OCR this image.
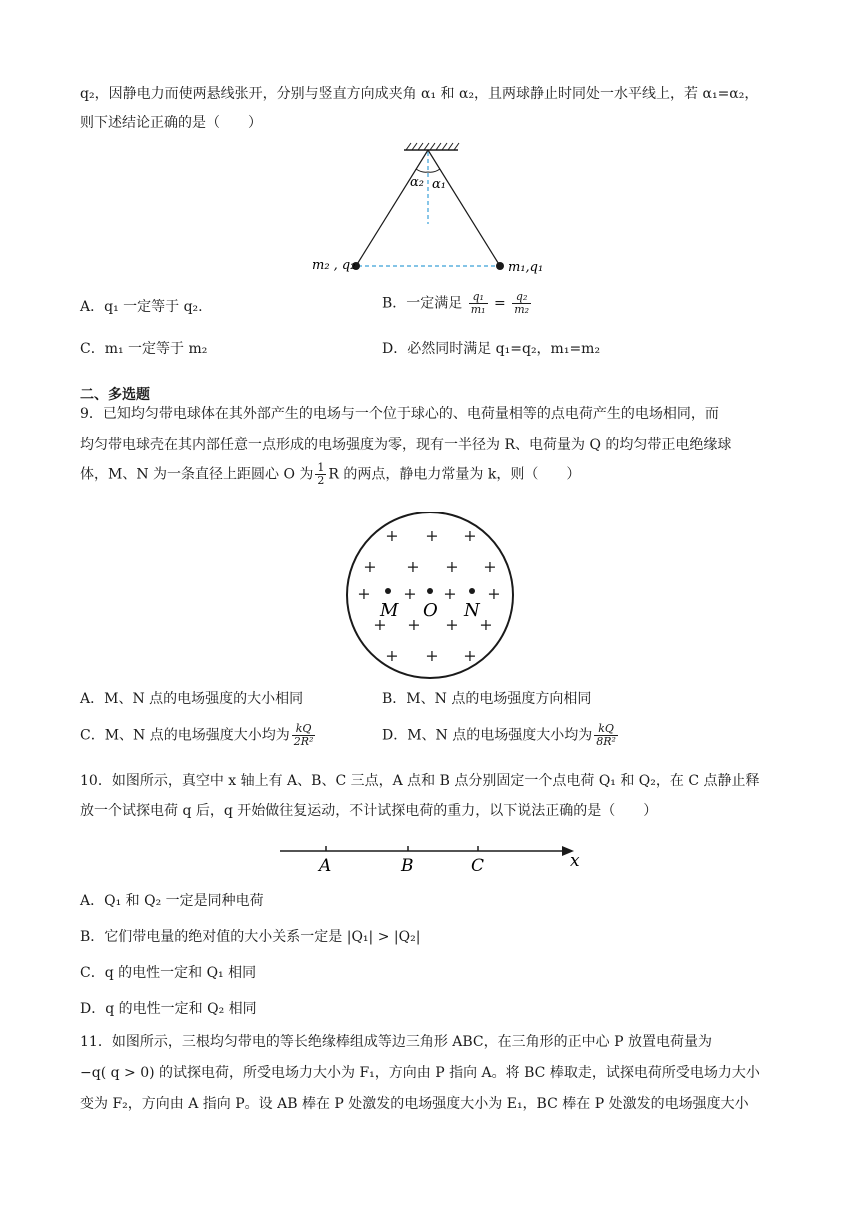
q₂，因静电力而使两悬线张开，分别与竖直方向成夹角 α₁ 和 α₂，且两球静止时同处一水平线上，若 α₁=α₂，
则下述结论正确的是（　　）
α₂ α₁
m₂ , q₂	m₁,q₁
A．q₁ 一定等于 q₂.	B．一定满足 $\frac{\text{q₁}}{\text{m₁}} = \frac{\text{q₂}}{\text{m₂}}$
C．m₁ 一定等于 m₂	D．必然同时满足 q₁=q₂，m₁=m₂
二、多选题
9．已知均匀带电球体在其外部产生的电场与一个位于球心的、电荷量相等的点电荷产生的电场相同，而
均匀带电球壳在其内部任意一点形成的电场强度为零，现有一半径为 R、电荷量为 Q 的均匀带正电绝缘球
体，M、N 为一条直径上距圆心 O 为 $\frac{1}{2}$ R 的两点，静电力常量为 k，则（　　）
+ + +
+ + + +
+ + + +
+ + + +
+ + +
M O N
A．M、N 点的电场强度的大小相同	B．M、N 点的电场强度方向相同
C．M、N 点的电场强度大小均为 $\frac{kQ}{\text{2R²}}$	D．M、N 点的电场强度大小均为 $\frac{kQ}{\text{8R²}}$
10．如图所示，真空中 x 轴上有 A、B、C 三点，A 点和 B 点分别固定一个点电荷 Q₁ 和 Q₂，在 C 点静止释
放一个试探电荷 q 后，q 开始做往复运动，不计试探电荷的重力，以下说法正确的是（　　）
A	B	C	x
A．Q₁ 和 Q₂ 一定是同种电荷
B．它们带电量的绝对值的大小关系一定是 |Q₁| > |Q₂|
C．q 的电性一定和 Q₁ 相同
D．q 的电性一定和 Q₂ 相同
11．如图所示，三根均匀带电的等长绝缘棒组成等边三角形 ABC，在三角形的正中心 P 放置电荷量为
−q( q > 0) 的试探电荷，所受电场力大小为 F₁，方向由 P 指向 A。将 BC 棒取走，试探电荷所受电场力大小
变为 F₂，方向由 A 指向 P。设 AB 棒在 P 处激发的电场强度大小为 E₁，BC 棒在 P 处激发的电场强度大小
